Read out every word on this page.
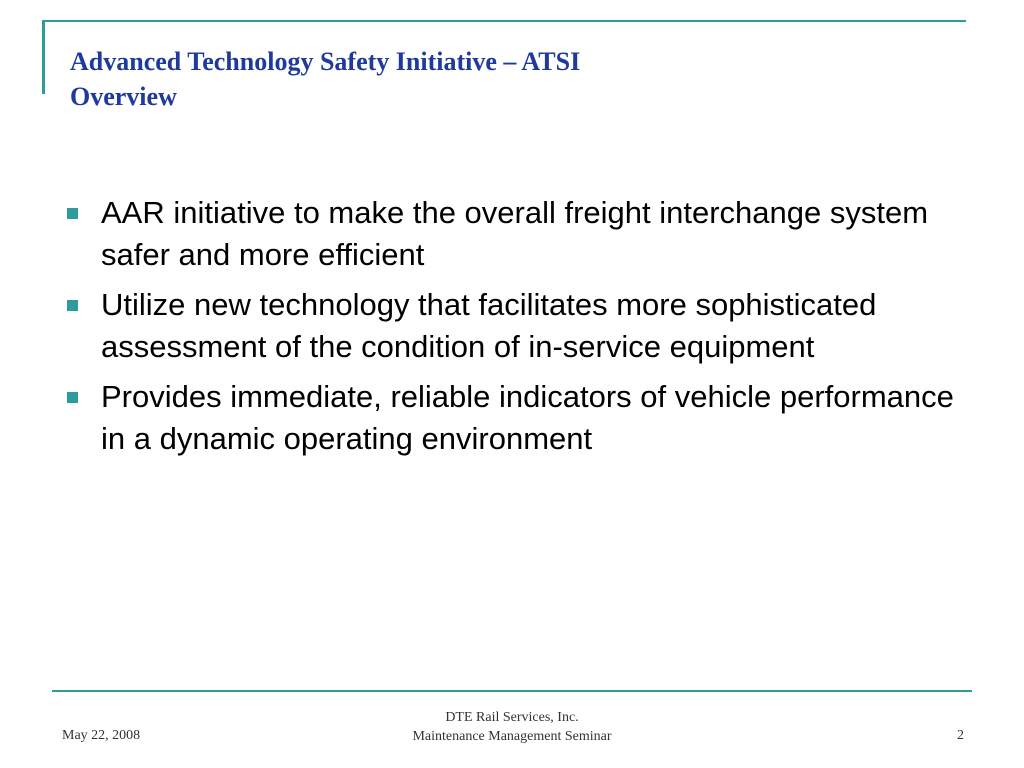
Advanced Technology Safety Initiative – ATSI
Overview
AAR initiative to make the overall freight interchange system safer and more efficient
Utilize new technology that facilitates more sophisticated assessment of the condition of in-service equipment
Provides immediate, reliable indicators of vehicle performance in a dynamic operating environment
May 22, 2008
DTE Rail Services, Inc.
Maintenance Management Seminar	2
